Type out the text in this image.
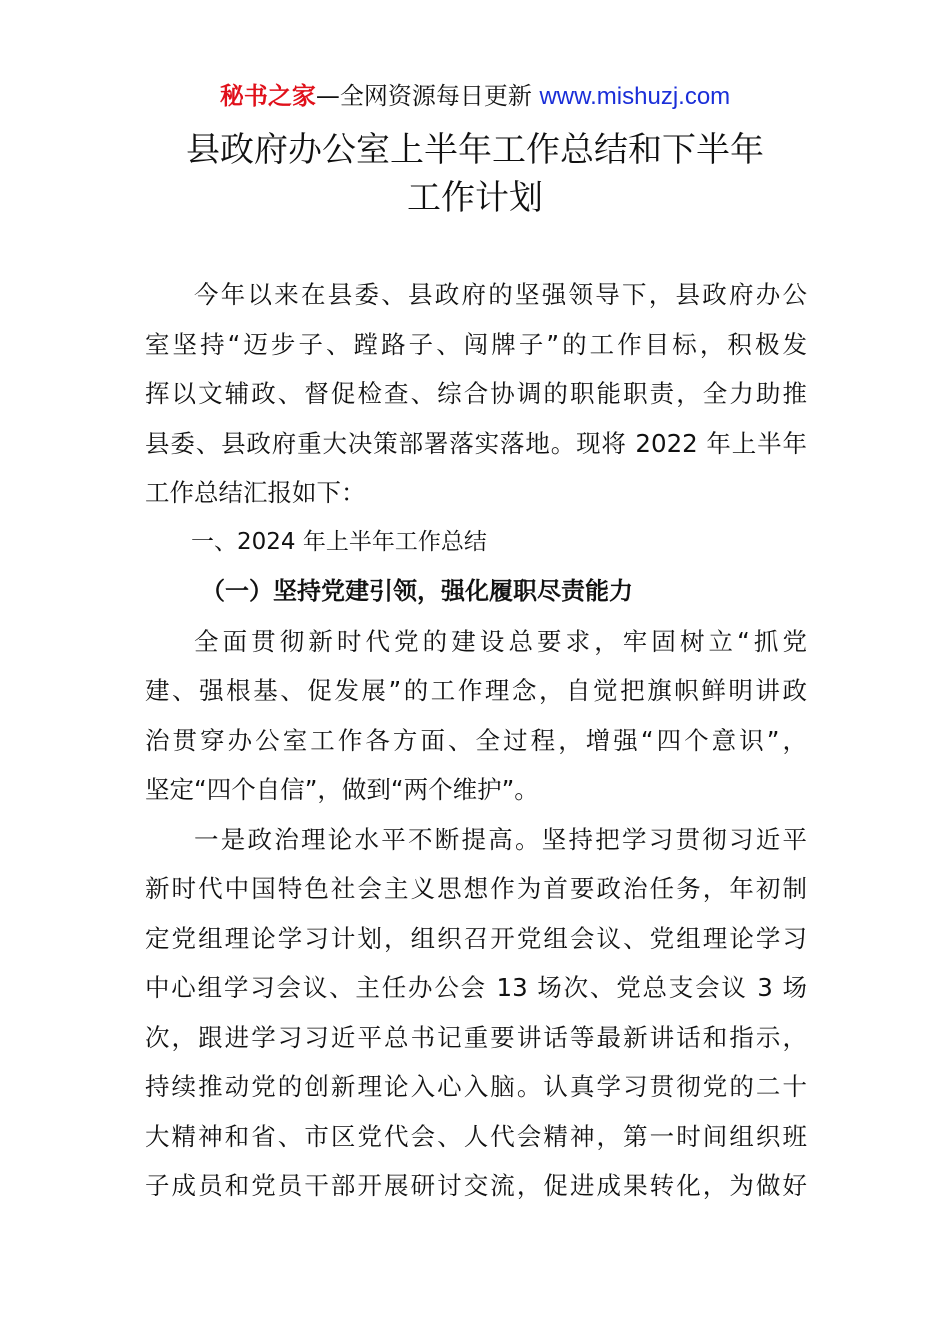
秘书之家—全网资源每日更新 www.mishuzj.com
县政府办公室上半年工作总结和下半年
工作计划
今年以来在县委、县政府的坚强领导下，县政府办公
室坚持“迈步子、蹚路子、闯牌子”的工作目标，积极发
挥以文辅政、督促检查、综合协调的职能职责，全力助推
县委、县政府重大决策部署落实落地。现将 2022 年上半年
工作总结汇报如下：

一、2024 年上半年工作总结

（一）坚持党建引领，强化履职尽责能力

全面贯彻新时代党的建设总要求，牢固树立“抓党
建、强根基、促发展”的工作理念，自觉把旗帜鲜明讲政
治贯穿办公室工作各方面、全过程，增强“四个意识”，
坚定“四个自信”，做到“两个维护”。
一是政治理论水平不断提高。坚持把学习贯彻习近平
新时代中国特色社会主义思想作为首要政治任务，年初制
定党组理论学习计划，组织召开党组会议、党组理论学习
中心组学习会议、主任办公会 13 场次、党总支会议 3 场
次，跟进学习习近平总书记重要讲话等最新讲话和指示，
持续推动党的创新理论入心入脑。认真学习贯彻党的二十
大精神和省、市区党代会、人代会精神，第一时间组织班
子成员和党员干部开展研讨交流，促进成果转化，为做好
